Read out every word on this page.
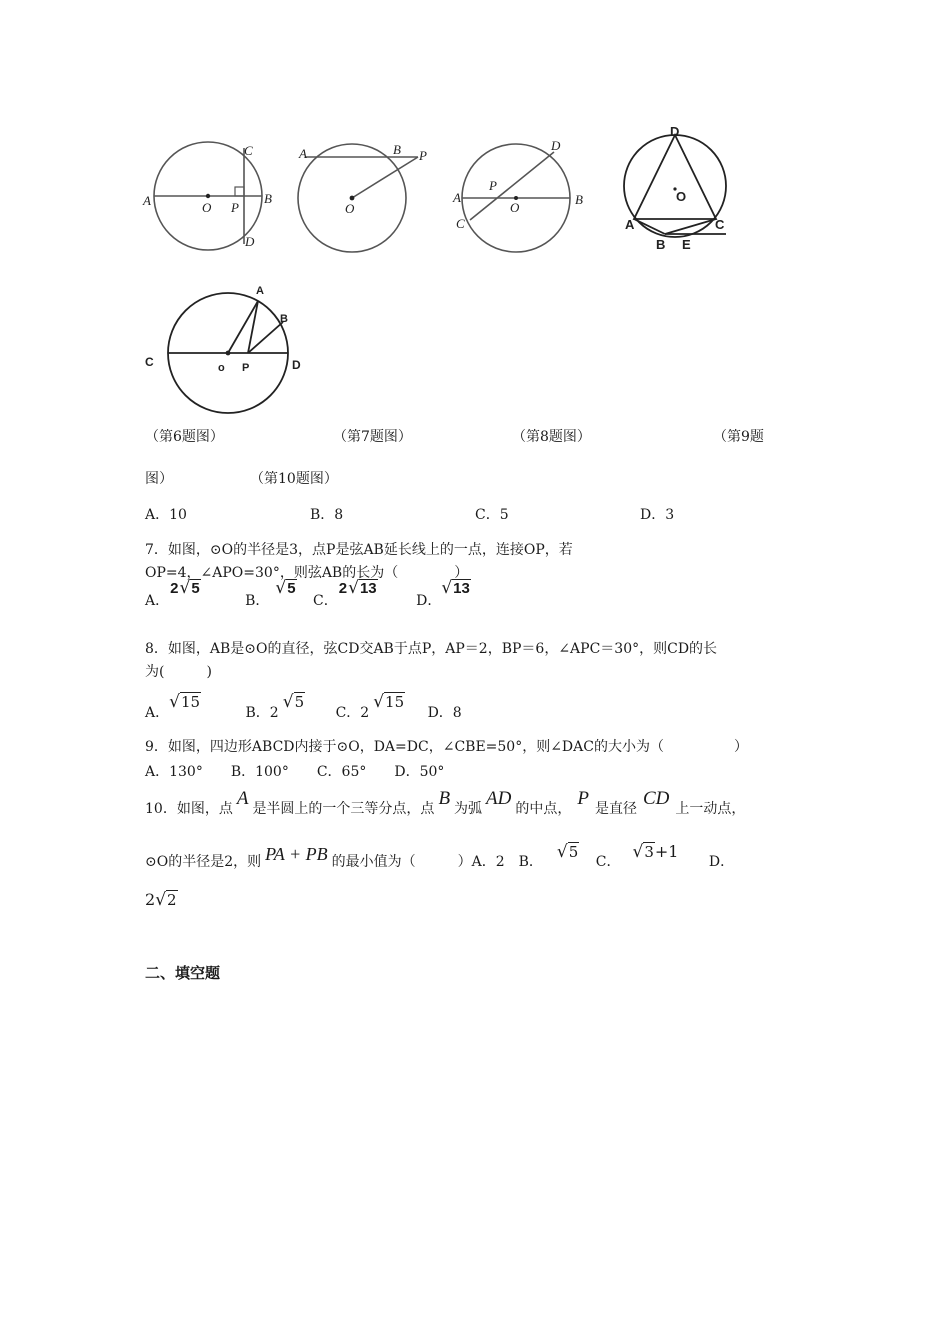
C
A	O P
B
D
A	B P
O
D
A
P
O
B
C
D
O
A	C
B E
A
B
C	o P	D
（第6题图）	（第7题图）	（第8题图）	（第9题
图）	（第10题图）
A．10	B．8	C．5	D．3
7．如图，⊙O的半径是3，点P是弦AB延长线上的一点，连接OP，若
OP=4，∠APO=30°，则弦AB的长为（　　　　）
A．2√5 B．√5 C．2√13 D．√13
8．如图，AB是⊙O的直径，弦CD交AB于点P，AP＝2，BP＝6，∠APC＝30°，则CD的长
为(　　　)
A．√15 B．2√5 C．2√15 D．8
9．如图，四边形ABCD内接于⊙O，DA=DC，∠CBE=50°，则∠DAC的大小为（　　　　　）
A．130°　　B．100°　　C．65°　　D．50°
10．如图，点 A 是半圆上的一个三等分点，点 B 为弧 AD 的中点， P 是直径 CD 上一动点，
⊙O的半径是2，则 PA + PB 的最小值为（　　　）A．2　B． √5 C． √3+1 D．
2√2
二、填空题
